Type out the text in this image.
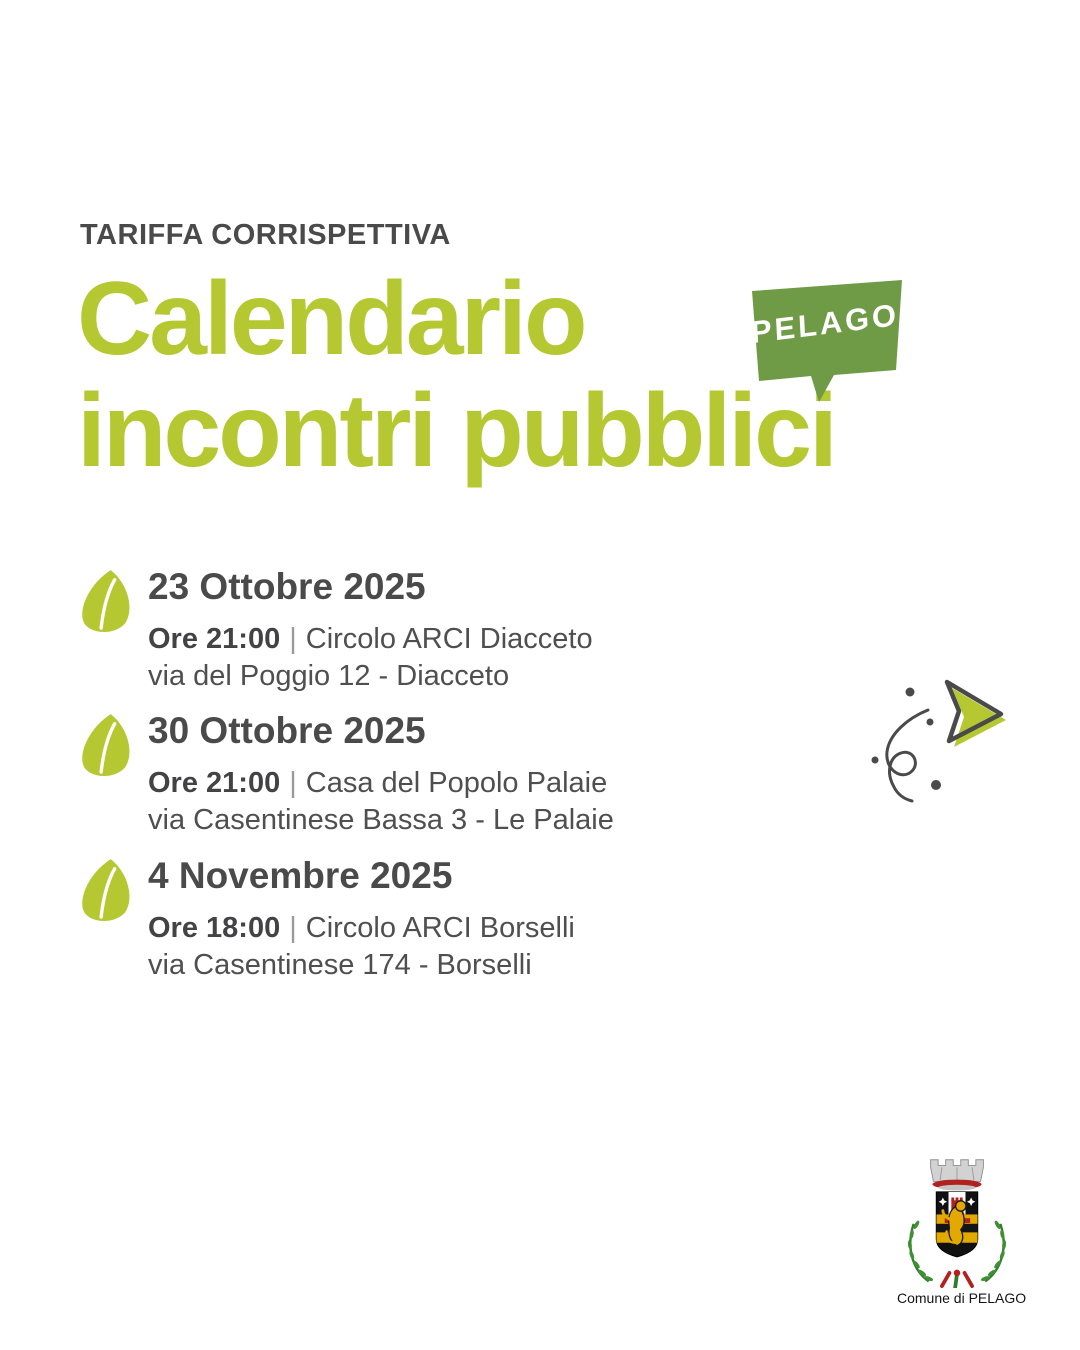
TARIFFA CORRISPETTIVA
Calendario
incontri pubblici
PELAGO
23 Ottobre 2025
Ore 21:00 | Circolo ARCI Diacceto
via del Poggio 12 - Diacceto
30 Ottobre 2025
Ore 21:00 | Casa del Popolo Palaie
via Casentinese Bassa 3 - Le Palaie
4 Novembre 2025
Ore 18:00 | Circolo ARCI Borselli
via Casentinese 174 - Borselli
Comune di PELAGO
